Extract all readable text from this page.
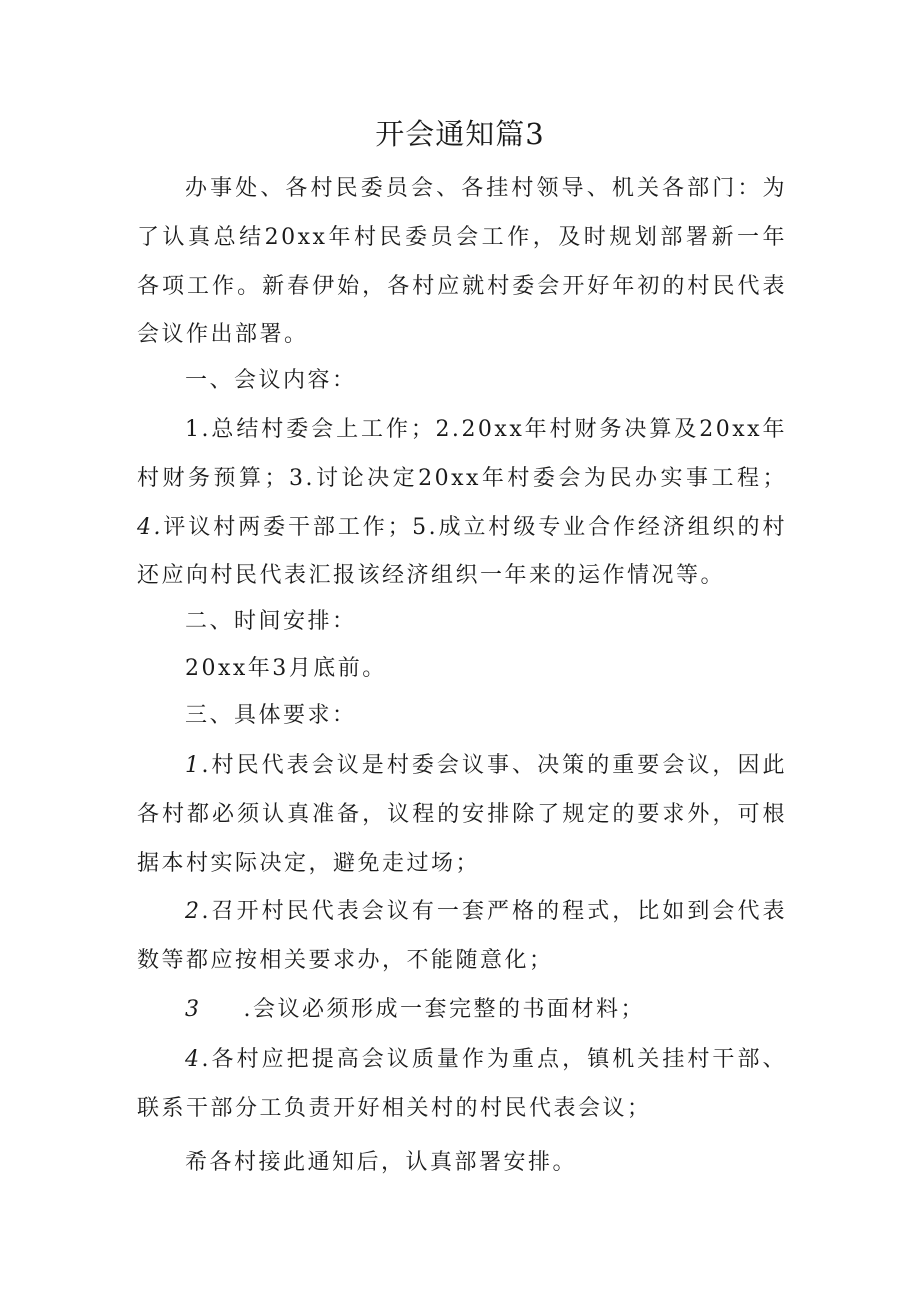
开会通知篇3
办事处、各村民委员会、各挂村领导、机关各部门：为了认真总结20xx年村民委员会工作，及时规划部署新一年各项工作。新春伊始，各村应就村委会开好年初的村民代表会议作出部署。
一、会议内容：
1.总结村委会上工作；2.20xx年村财务决算及20xx年村财务预算；3.讨论决定20xx年村委会为民办实事工程；4.评议村两委干部工作；5.成立村级专业合作经济组织的村还应向村民代表汇报该经济组织一年来的运作情况等。
二、时间安排：
20xx年3月底前。
三、具体要求：
1.村民代表会议是村委会议事、决策的重要会议，因此各村都必须认真准备，议程的安排除了规定的要求外，可根据本村实际决定，避免走过场；
2.召开村民代表会议有一套严格的程式，比如到会代表数等都应按相关要求办，不能随意化；
3 .会议必须形成一套完整的书面材料；
4.各村应把提高会议质量作为重点，镇机关挂村干部、联系干部分工负责开好相关村的村民代表会议；
希各村接此通知后，认真部署安排。
